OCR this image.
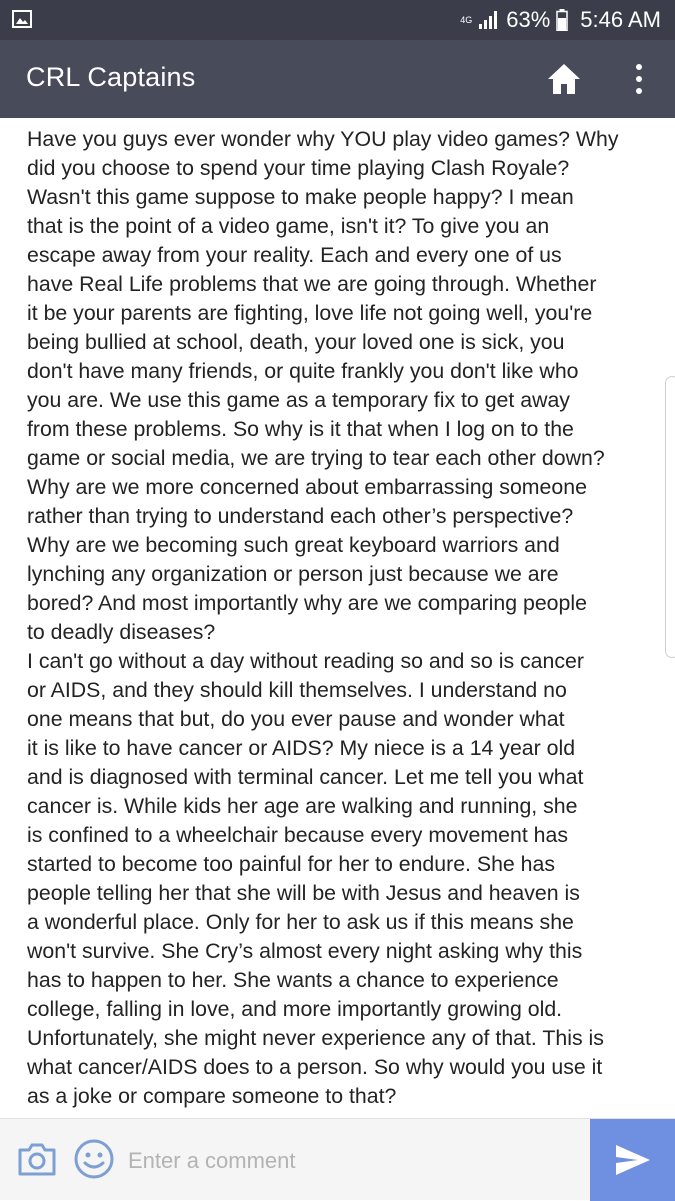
4G 63% 5:46 AM
CRL Captains
Have you guys ever wonder why YOU play video games? Why
did you choose to spend your time playing Clash Royale?
Wasn't this game suppose to make people happy? I mean
that is the point of a video game, isn't it? To give you an
escape away from your reality. Each and every one of us
have Real Life problems that we are going through. Whether
it be your parents are fighting, love life not going well, you're
being bullied at school, death, your loved one is sick, you
don't have many friends, or quite frankly you don't like who
you are. We use this game as a temporary fix to get away
from these problems. So why is it that when I log on to the
game or social media, we are trying to tear each other down?
Why are we more concerned about embarrassing someone
rather than trying to understand each other’s perspective?
Why are we becoming such great keyboard warriors and
lynching any organization or person just because we are
bored? And most importantly why are we comparing people
to deadly diseases?
I can't go without a day without reading so and so is cancer
or AIDS, and they should kill themselves. I understand no
one means that but, do you ever pause and wonder what
it is like to have cancer or AIDS? My niece is a 14 year old
and is diagnosed with terminal cancer. Let me tell you what
cancer is. While kids her age are walking and running, she
is confined to a wheelchair because every movement has
started to become too painful for her to endure. She has
people telling her that she will be with Jesus and heaven is
a wonderful place. Only for her to ask us if this means she
won't survive. She Cry’s almost every night asking why this
has to happen to her. She wants a chance to experience
college, falling in love, and more importantly growing old.
Unfortunately, she might never experience any of that. This is
what cancer/AIDS does to a person. So why would you use it
as a joke or compare someone to that?
Enter a comment
